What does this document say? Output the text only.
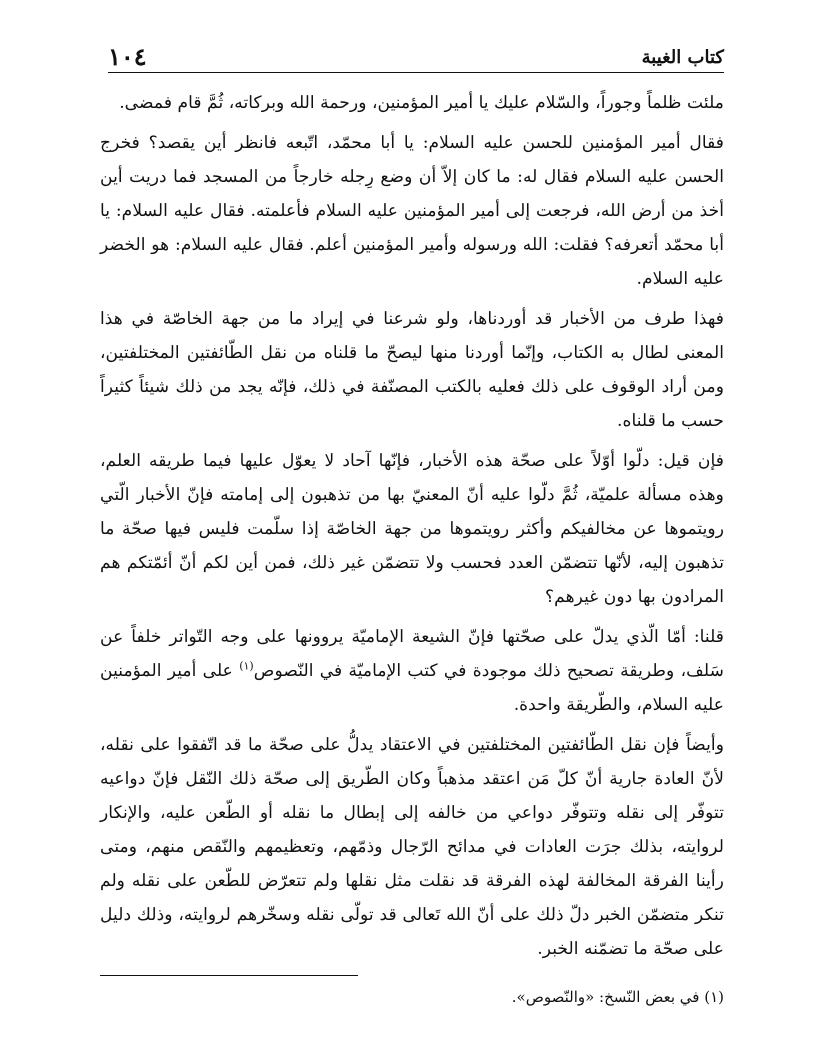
كتاب الغيبة
١٠٤

ملئت ظلماً وجوراً، والسّلام عليك يا أمير المؤمنين، ورحمة الله وبركاته، ثُمَّ قام فمضى.

فقال أمير المؤمنين للحسن عليه السلام: يا أبا محمّد، اتّبعه فانظر أين يقصد؟ فخرج الحسن عليه السلام فقال له: ما كان إلاّ أن وضع رِجله خارجاً من المسجد فما دريت أين أخذ من أرض الله، فرجعت إلى أمير المؤمنين عليه السلام فأعلمته. فقال عليه السلام: يا أبا محمّد أتعرفه؟ فقلت: الله ورسوله وأمير المؤمنين أعلم. فقال عليه السلام: هو الخضر عليه السلام.

فهذا طرف من الأخبار قد أوردناها، ولو شرعنا في إيراد ما من جهة الخاصّة في هذا المعنى لطال به الكتاب، وإنّما أوردنا منها ليصحّ ما قلناه من نقل الطّائفتين المختلفتين، ومن أراد الوقوف على ذلك فعليه بالكتب المصنّفة في ذلك، فإنّه يجد من ذلك شيئاً كثيراً حسب ما قلناه.

فإن قيل: دلّوا أوّلاً على صحّة هذه الأخبار، فإنّها آحاد لا يعوّل عليها فيما طريقه العلم، وهذه مسألة علميّة، ثُمَّ دلّوا عليه أنّ المعنيّ بها من تذهبون إلى إمامته فإنّ الأخبار الّتي رويتموها عن مخالفيكم وأكثر رويتموها من جهة الخاصّة إذا سلّمت فليس فيها صحّة ما تذهبون إليه، لأنّها تتضمّن العدد فحسب ولا تتضمّن غير ذلك، فمن أين لكم أنّ أئمّتكم هم المرادون بها دون غيرهم؟

قلنا: أمّا الّذي يدلّ على صحّتها فإنّ الشيعة الإماميّة يروونها على وجه التّواتر خلفاً عن سَلف، وطريقة تصحيح ذلك موجودة في كتب الإماميّة في النّصوص$^{(١)}$ على أمير المؤمنين عليه السلام، والطّريقة واحدة.

وأيضاً فإن نقل الطّائفتين المختلفتين في الاعتقاد يدلُّ على صحّة ما قد اتّفقوا على نقله، لأنّ العادة جارية أنّ كلّ مَن اعتقد مذهباً وكان الطّريق إلى صحّة ذلك النّقل فإنّ دواعيه تتوفّر إلى نقله وتتوفّر دواعي من خالفه إلى إبطال ما نقله أو الطّعن عليه، والإنكار لروايته، بذلك جرَت العادات في مدائح الرّجال وذمّهم، وتعظيمهم والنّقص منهم، ومتى رأينا الفرقة المخالفة لهذه الفرقة قد نقلت مثل نقلها ولم تتعرّض للطّعن على نقله ولم تنكر متضمّن الخبر دلّ ذلك على أنّ الله تَعالى قد تولّى نقله وسخّرهم لروايته، وذلك دليل على صحّة ما تضمّنه الخبر.

(١) في بعض النّسخ: «والنّصوص».
